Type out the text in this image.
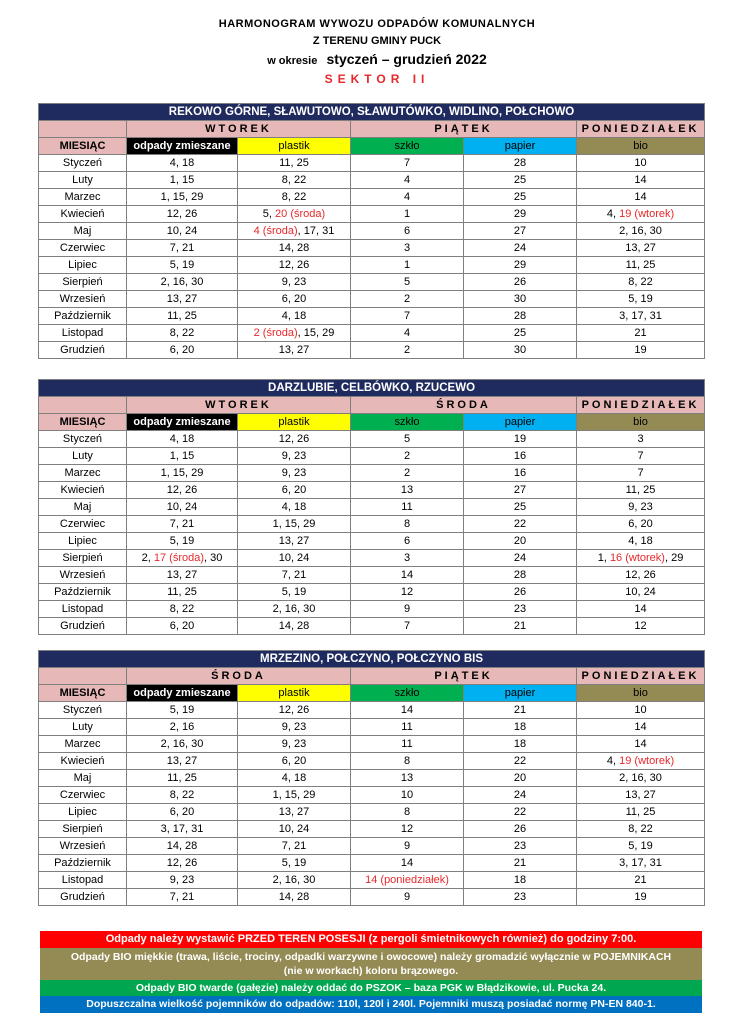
HARMONOGRAM WYWOZU ODPADÓW KOMUNALNYCH
Z TERENU GMINY PUCK
w okresie styczeń – grudzień 2022
SEKTOR II
REKOWO GÓRNE, SŁAWUTOWO, SŁAWUTÓWKO, WIDLINO, POŁCHOWO					
	WTOREK		PIĄTEK		PONIEDZIAŁEK
MIESIĄC	odpady zmieszane	plastik	szkło	papier	bio
Styczeń	4, 18	11, 25	7	28	10
Luty	1, 15	8, 22	4	25	14
Marzec	1, 15, 29	8, 22	4	25	14
Kwiecień	12, 26	5, 20 (środa)	1	29	4, 19 (wtorek)
Maj	10, 24	4 (środa), 17, 31	6	27	2, 16, 30
Czerwiec	7, 21	14, 28	3	24	13, 27
Lipiec	5, 19	12, 26	1	29	11, 25
Sierpień	2, 16, 30	9, 23	5	26	8, 22
Wrzesień	13, 27	6, 20	2	30	5, 19
Październik	11, 25	4, 18	7	28	3, 17, 31
Listopad	8, 22	2 (środa), 15, 29	4	25	21
Grudzień	6, 20	13, 27	2	30	19
DARZLUBIE, CELBÓWKO, RZUCEWO					
	WTOREK		ŚRODA		PONIEDZIAŁEK
MIESIĄC	odpady zmieszane	plastik	szkło	papier	bio
Styczeń	4, 18	12, 26	5	19	3
Luty	1, 15	9, 23	2	16	7
Marzec	1, 15, 29	9, 23	2	16	7
Kwiecień	12, 26	6, 20	13	27	11, 25
Maj	10, 24	4, 18	11	25	9, 23
Czerwiec	7, 21	1, 15, 29	8	22	6, 20
Lipiec	5, 19	13, 27	6	20	4, 18
Sierpień	2, 17 (środa), 30	10, 24	3	24	1, 16 (wtorek), 29
Wrzesień	13, 27	7, 21	14	28	12, 26
Październik	11, 25	5, 19	12	26	10, 24
Listopad	8, 22	2, 16, 30	9	23	14
Grudzień	6, 20	14, 28	7	21	12
MRZEZINO, POŁCZYNO, POŁCZYNO BIS					
	ŚRODA		PIĄTEK		PONIEDZIAŁEK
MIESIĄC	odpady zmieszane	plastik	szkło	papier	bio
Styczeń	5, 19	12, 26	14	21	10
Luty	2, 16	9, 23	11	18	14
Marzec	2, 16, 30	9, 23	11	18	14
Kwiecień	13, 27	6, 20	8	22	4, 19 (wtorek)
Maj	11, 25	4, 18	13	20	2, 16, 30
Czerwiec	8, 22	1, 15, 29	10	24	13, 27
Lipiec	6, 20	13, 27	8	22	11, 25
Sierpień	3, 17, 31	10, 24	12	26	8, 22
Wrzesień	14, 28	7, 21	9	23	5, 19
Październik	12, 26	5, 19	14	21	3, 17, 31
Listopad	9, 23	2, 16, 30	14 (poniedziałek)	18	21
Grudzień	7, 21	14, 28	9	23	19
Odpady należy wystawić PRZED TEREN POSESJI (z pergoli śmietnikowych również) do godziny 7:00.
Odpady BIO miękkie (trawa, liście, trociny, odpadki warzywne i owocowe) należy gromadzić wyłącznie w POJEMNIKACH
(nie w workach) koloru brązowego.
Odpady BIO twarde (gałęzie) należy oddać do PSZOK – baza PGK w Błądzikowie, ul. Pucka 24.
Dopuszczalna wielkość pojemników do odpadów: 110l, 120l i 240l. Pojemniki muszą posiadać normę PN-EN 840-1.
